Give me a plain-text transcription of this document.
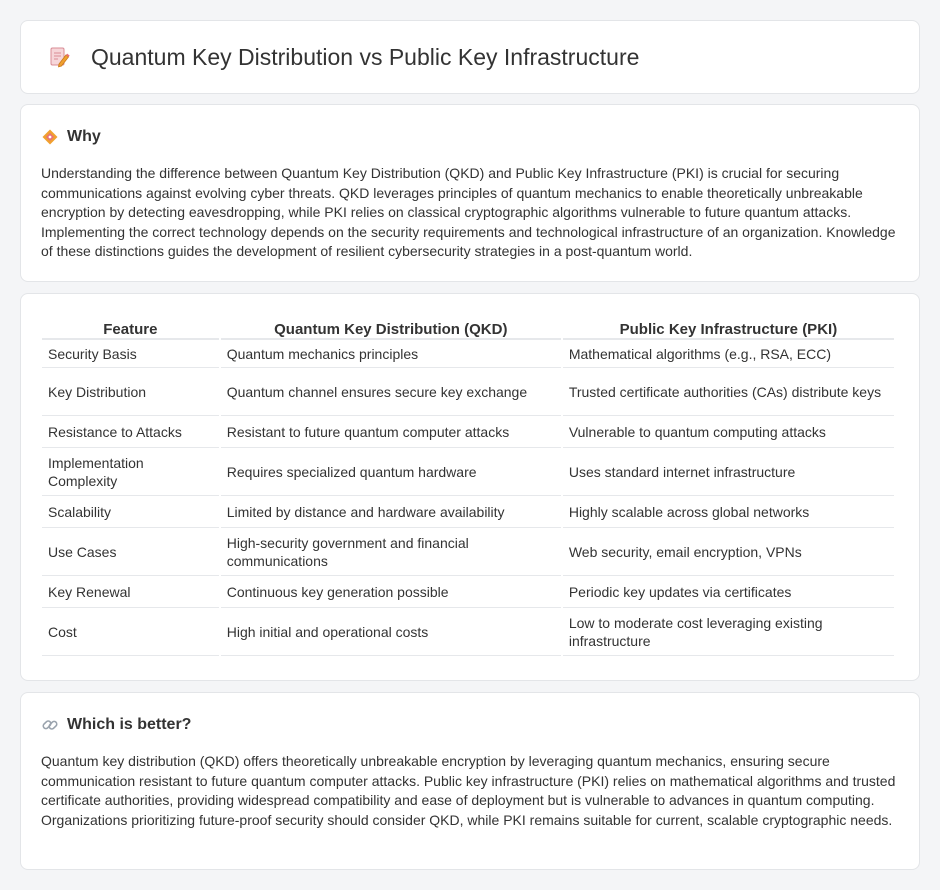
Quantum Key Distribution vs Public Key Infrastructure
Why

Understanding the difference between Quantum Key Distribution (QKD) and Public Key Infrastructure (PKI) is crucial for securing communications against evolving cyber threats. QKD leverages principles of quantum mechanics to enable theoretically unbreakable encryption by detecting eavesdropping, while PKI relies on classical cryptographic algorithms vulnerable to future quantum attacks. Implementing the correct technology depends on the security requirements and technological infrastructure of an organization. Knowledge of these distinctions guides the development of resilient cybersecurity strategies in a post-quantum world.

Feature	Quantum Key Distribution (QKD)	Public Key Infrastructure (PKI)
Security Basis	Quantum mechanics principles	Mathematical algorithms (e.g., RSA, ECC)
Key Distribution	Quantum channel ensures secure key exchange	Trusted certificate authorities (CAs) distribute keys
Resistance to Attacks	Resistant to future quantum computer attacks	Vulnerable to quantum computing attacks
Implementation Complexity	Requires specialized quantum hardware	Uses standard internet infrastructure
Scalability	Limited by distance and hardware availability	Highly scalable across global networks
Use Cases	High-security government and financial communications	Web security, email encryption, VPNs
Key Renewal	Continuous key generation possible	Periodic key updates via certificates
Cost	High initial and operational costs	Low to moderate cost leveraging existing infrastructure
Which is better?

Quantum key distribution (QKD) offers theoretically unbreakable encryption by leveraging quantum mechanics, ensuring secure communication resistant to future quantum computer attacks. Public key infrastructure (PKI) relies on mathematical algorithms and trusted certificate authorities, providing widespread compatibility and ease of deployment but is vulnerable to advances in quantum computing. Organizations prioritizing future-proof security should consider QKD, while PKI remains suitable for current, scalable cryptographic needs.
